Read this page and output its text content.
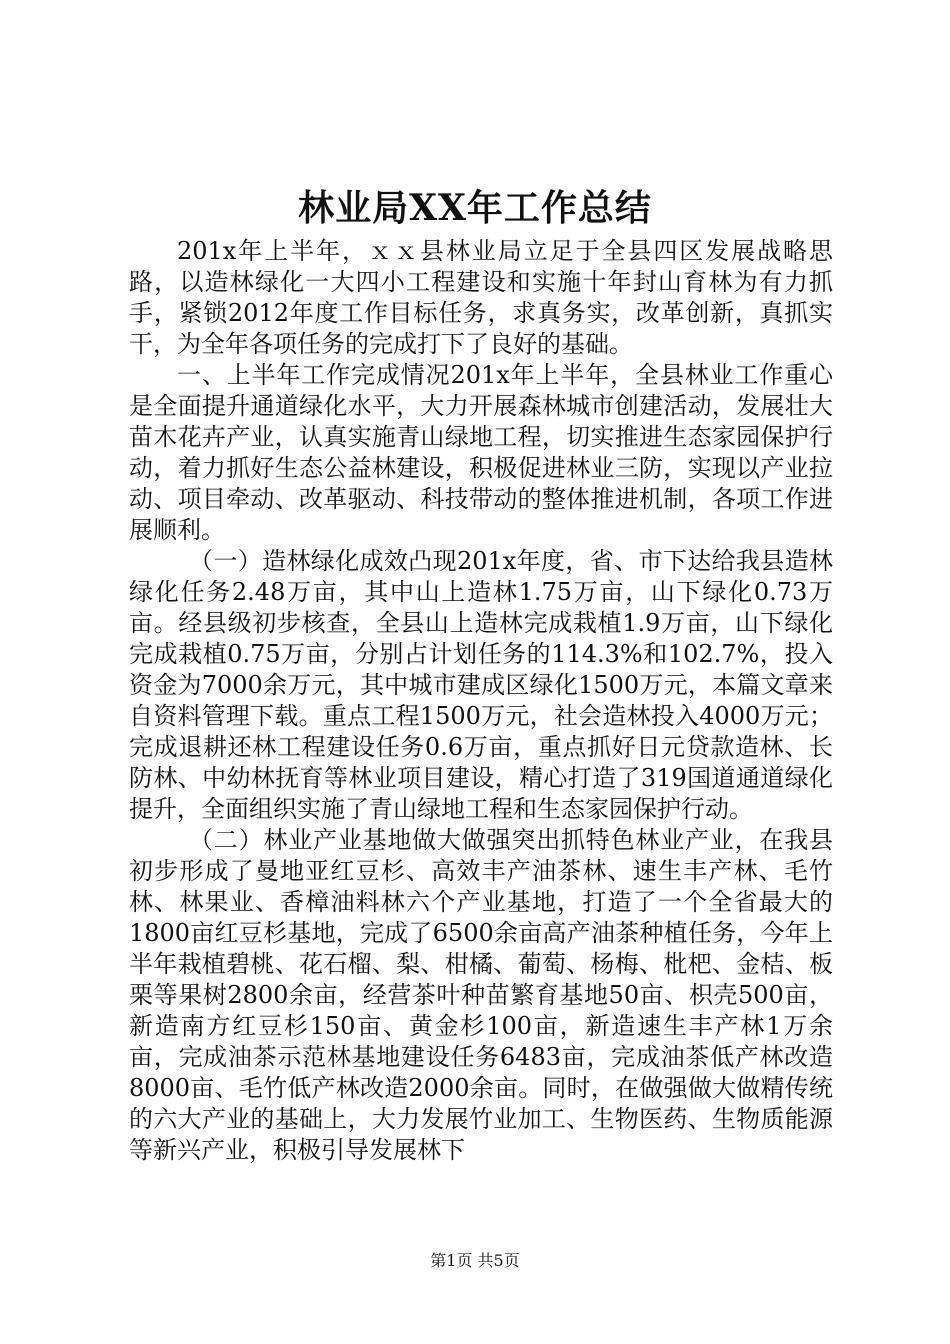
林业局XX年工作总结

201x年上半年，ｘｘ县林业局立足于全县四区发展战略思路，以造林绿化一大四小工程建设和实施十年封山育林为有力抓手，紧锁2012年度工作目标任务，求真务实，改革创新，真抓实干，为全年各项任务的完成打下了良好的基础。

一、上半年工作完成情况201x年上半年，全县林业工作重心是全面提升通道绿化水平，大力开展森林城市创建活动，发展壮大苗木花卉产业，认真实施青山绿地工程，切实推进生态家园保护行动，着力抓好生态公益林建设，积极促进林业三防，实现以产业拉动、项目牵动、改革驱动、科技带动的整体推进机制，各项工作进展顺利。

（一）造林绿化成效凸现201x年度，省、市下达给我县造林绿化任务2.48万亩，其中山上造林1.75万亩，山下绿化0.73万亩。经县级初步核查，全县山上造林完成栽植1.9万亩，山下绿化完成栽植0.75万亩，分别占计划任务的114.3%和102.7%，投入资金为7000余万元，其中城市建成区绿化1500万元，本篇文章来自资料管理下载。重点工程1500万元，社会造林投入4000万元；完成退耕还林工程建设任务0.6万亩，重点抓好日元贷款造林、长防林、中幼林抚育等林业项目建设，精心打造了319国道通道绿化提升，全面组织实施了青山绿地工程和生态家园保护行动。

（二）林业产业基地做大做强突出抓特色林业产业，在我县初步形成了曼地亚红豆杉、高效丰产油茶林、速生丰产林、毛竹林、林果业、香樟油料林六个产业基地，打造了一个全省最大的1800亩红豆杉基地，完成了6500余亩高产油茶种植任务，今年上半年栽植碧桃、花石榴、梨、柑橘、葡萄、杨梅、枇杷、金桔、板栗等果树2800余亩，经营茶叶种苗繁育基地50亩、枳壳500亩，新造南方红豆杉150亩、黄金杉100亩，新造速生丰产林1万余亩，完成油茶示范林基地建设任务6483亩，完成油茶低产林改造8000亩、毛竹低产林改造2000余亩。同时，在做强做大做精传统的六大产业的基础上，大力发展竹业加工、生物医药、生物质能源等新兴产业，积极引导发展林下

第1页 共5页
